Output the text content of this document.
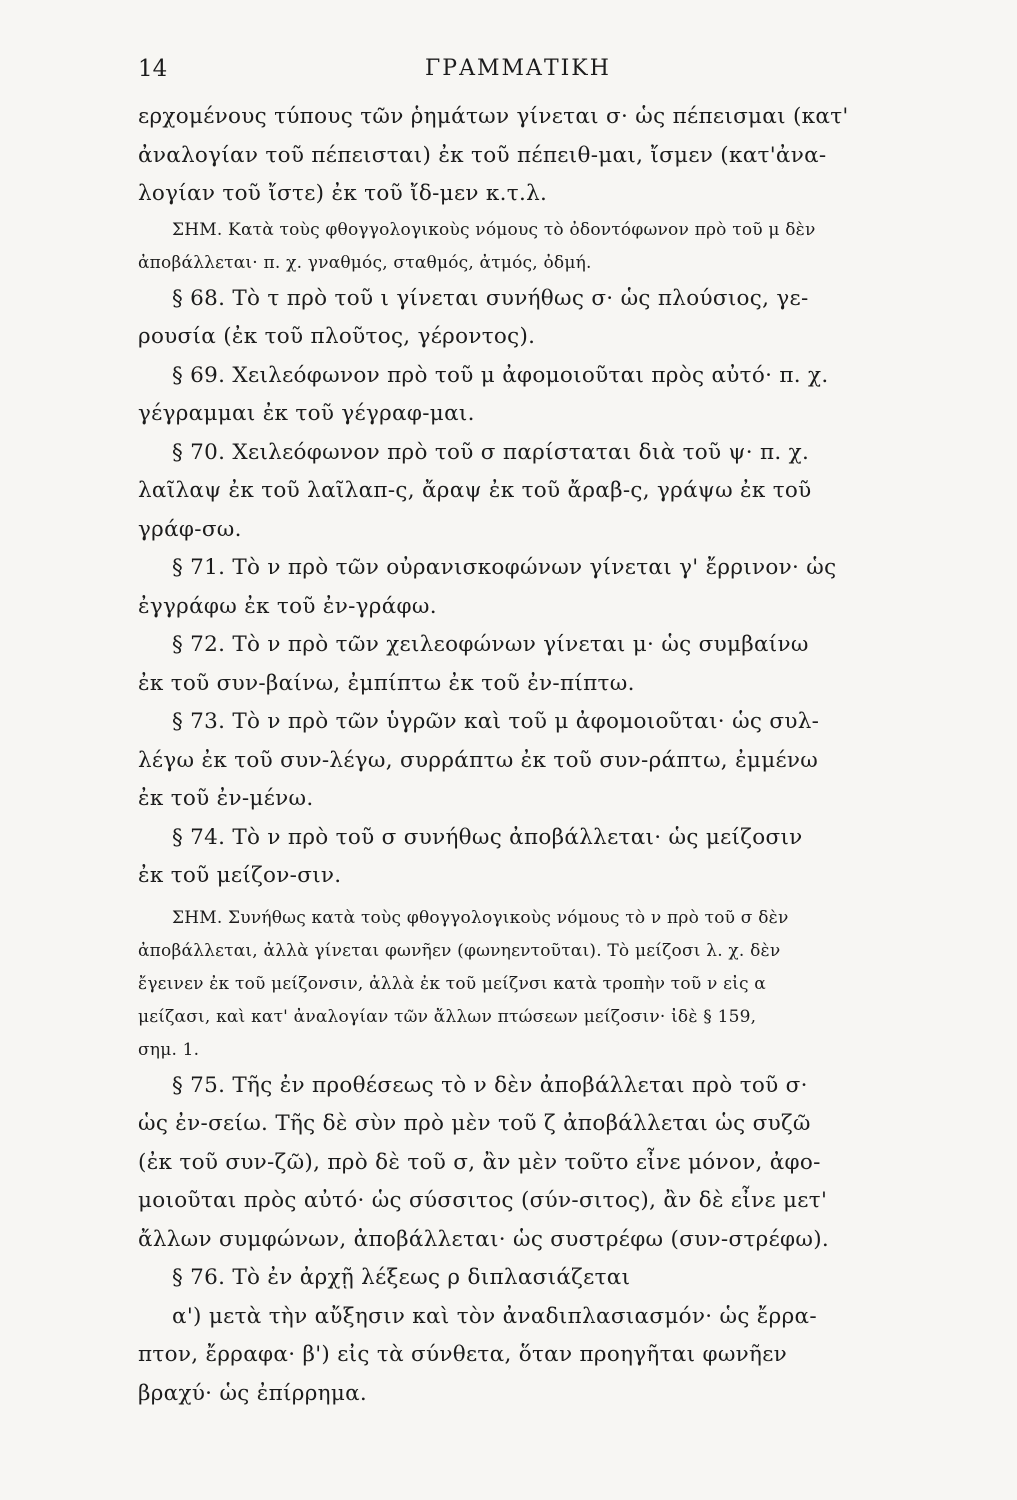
14	ΓΡΑΜΜΑΤΙΚΗ
ερχομένους τύπους τῶν ῥημάτων γίνεται σ· ὡς πέπεισμαι (κατ'
ἀναλογίαν τοῦ πέπεισται) ἐκ τοῦ πέπειθ-μαι, ἴσμεν (κατ'ἀνα-
λογίαν τοῦ ἴστε) ἐκ τοῦ ἴδ-μεν κ.τ.λ.
ΣΗΜ. Κατὰ τοὺς φθογγολογικοὺς νόμους τὸ ὀδοντόφωνον πρὸ τοῦ μ δὲν
ἀποβάλλεται· π. χ. γναθμός, σταθμός, ἀτμός, ὀδμή.
§ 68. Τὸ τ πρὸ τοῦ ι γίνεται συνήθως σ· ὡς πλούσιος, γε-
ρουσία (ἐκ τοῦ πλοῦτος, γέροντος).
§ 69. Χειλεόφωνον πρὸ τοῦ μ ἀφομοιοῦται πρὸς αὐτό· π. χ.
γέγραμμαι ἐκ τοῦ γέγραφ-μαι.
§ 70. Χειλεόφωνον πρὸ τοῦ σ παρίσταται διὰ τοῦ ψ· π. χ.
λαῖλαψ ἐκ τοῦ λαῖλαπ-ς, ἄραψ ἐκ τοῦ ἄραβ-ς, γράψω ἐκ τοῦ
γράφ-σω.
§ 71. Τὸ ν πρὸ τῶν οὐρανισκοφώνων γίνεται γ' ἔρρινον· ὡς
ἐγγράφω ἐκ τοῦ ἐν-γράφω.
§ 72. Τὸ ν πρὸ τῶν χειλεοφώνων γίνεται μ· ὡς συμβαίνω
ἐκ τοῦ συν-βαίνω, ἐμπίπτω ἐκ τοῦ ἐν-πίπτω.
§ 73. Τὸ ν πρὸ τῶν ὑγρῶν καὶ τοῦ μ ἀφομοιοῦται· ὡς συλ-
λέγω ἐκ τοῦ συν-λέγω, συρράπτω ἐκ τοῦ συν-ράπτω, ἐμμένω
ἐκ τοῦ ἐν-μένω.
§ 74. Τὸ ν πρὸ τοῦ σ συνήθως ἀποβάλλεται· ὡς μείζοσιν
ἐκ τοῦ μείζον-σιν.
ΣΗΜ. Συνήθως κατὰ τοὺς φθογγολογικοὺς νόμους τὸ ν πρὸ τοῦ σ δὲν
ἀποβάλλεται, ἀλλὰ γίνεται φωνῆεν (φωνηεντοῦται). Τὸ μείζοσι λ. χ. δὲν
ἔγεινεν ἐκ τοῦ μείζονσιν, ἀλλὰ ἐκ τοῦ μείζνσι κατὰ τροπὴν τοῦ ν εἰς α
μείζασι, καὶ κατ' ἀναλογίαν τῶν ἄλλων πτώσεων μείζοσιν· ἰδὲ § 159,
σημ. 1.
§ 75. Τῆς ἐν προθέσεως τὸ ν δὲν ἀποβάλλεται πρὸ τοῦ σ·
ὡς ἐν-σείω. Τῆς δὲ σὺν πρὸ μὲν τοῦ ζ ἀποβάλλεται ὡς συζῶ
(ἐκ τοῦ συν-ζῶ), πρὸ δὲ τοῦ σ, ἂν μὲν τοῦτο εἶνε μόνον, ἀφο-
μοιοῦται πρὸς αὐτό· ὡς σύσσιτος (σύν-σιτος), ἂν δὲ εἶνε μετ'
ἄλλων συμφώνων, ἀποβάλλεται· ὡς συστρέφω (συν-στρέφω).
§ 76. Τὸ ἐν ἀρχῇ λέξεως ρ διπλασιάζεται
α') μετὰ τὴν αὔξησιν καὶ τὸν ἀναδιπλασιασμόν· ὡς ἔρρα-
πτον, ἔρραφα· β') εἰς τὰ σύνθετα, ὅταν προηγῆται φωνῆεν
βραχύ· ὡς ἐπίρρημα.
